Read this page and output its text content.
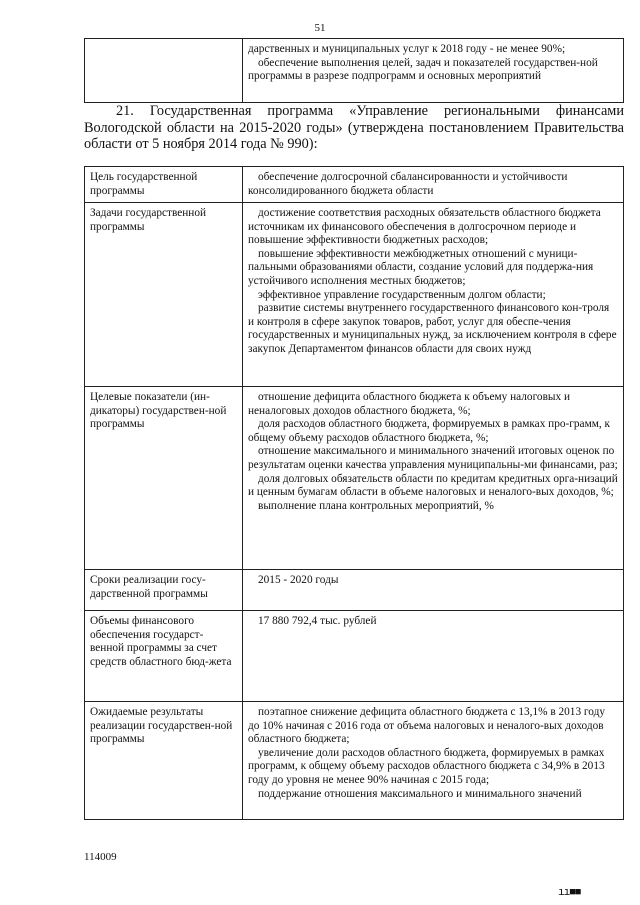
51

дарственных и муниципальных услуг к 2018 году - не менее 90%;
обеспечение выполнения целей, задач и показателей государствен-ной программы в разрезе подпрограмм и основных мероприятий
21. Государственная программа «Управление региональными финансами Вологодской области на 2015-2020 годы» (утверждена постановлением Правительства области от 5 ноября 2014 года № 990):
Цель государственной программы	обеспечение долгосрочной сбалансированности и устойчивости консолидированного бюджета области

Задачи государственной программы	достижение соответствия расходных обязательств областного бюджета источникам их финансового обеспечения в долгосрочном периоде и повышение эффективности бюджетных расходов;
повышение эффективности межбюджетных отношений с муници-пальными образованиями области, создание условий для поддержа-ния устойчивого исполнения местных бюджетов;
эффективное управление государственным долгом области;
развитие системы внутреннего государственного финансового кон-троля и контроля в сфере закупок товаров, работ, услуг для обеспе-чения государственных и муниципальных нужд, за исключением контроля в сфере закупок Департаментом финансов области для своих нужд

Целевые показатели (ин-дикаторы) государствен-ной программы	отношение дефицита областного бюджета к объему налоговых и неналоговых доходов областного бюджета, %;
доля расходов областного бюджета, формируемых в рамках про-грамм, к общему объему расходов областного бюджета, %;
отношение максимального и минимального значений итоговых оценок по результатам оценки качества управления муниципальны-ми финансами, раз;
доля долговых обязательств области по кредитам кредитных орга-низаций и ценным бумагам области в объеме налоговых и неналого-вых доходов, %;
выполнение плана контрольных мероприятий, %

Сроки реализации госу-дарственной программы	2015 - 2020 годы

Объемы финансового обеспечения государст-венной программы за счет средств областного бюд-жета	17 880 792,4 тыс. рублей

Ожидаемые результаты реализации государствен-ной программы	поэтапное снижение дефицита областного бюджета с 13,1% в 2013 году до 10% начиная с 2016 года от объема налоговых и неналого-вых доходов областного бюджета;
увеличение доли расходов областного бюджета, формируемых в рамках программ, к общему объему расходов областного бюджета с 34,9% в 2013 году до уровня не менее 90% начиная с 2015 года;
поддержание отношения максимального и минимального значений
114009
ıı■■
